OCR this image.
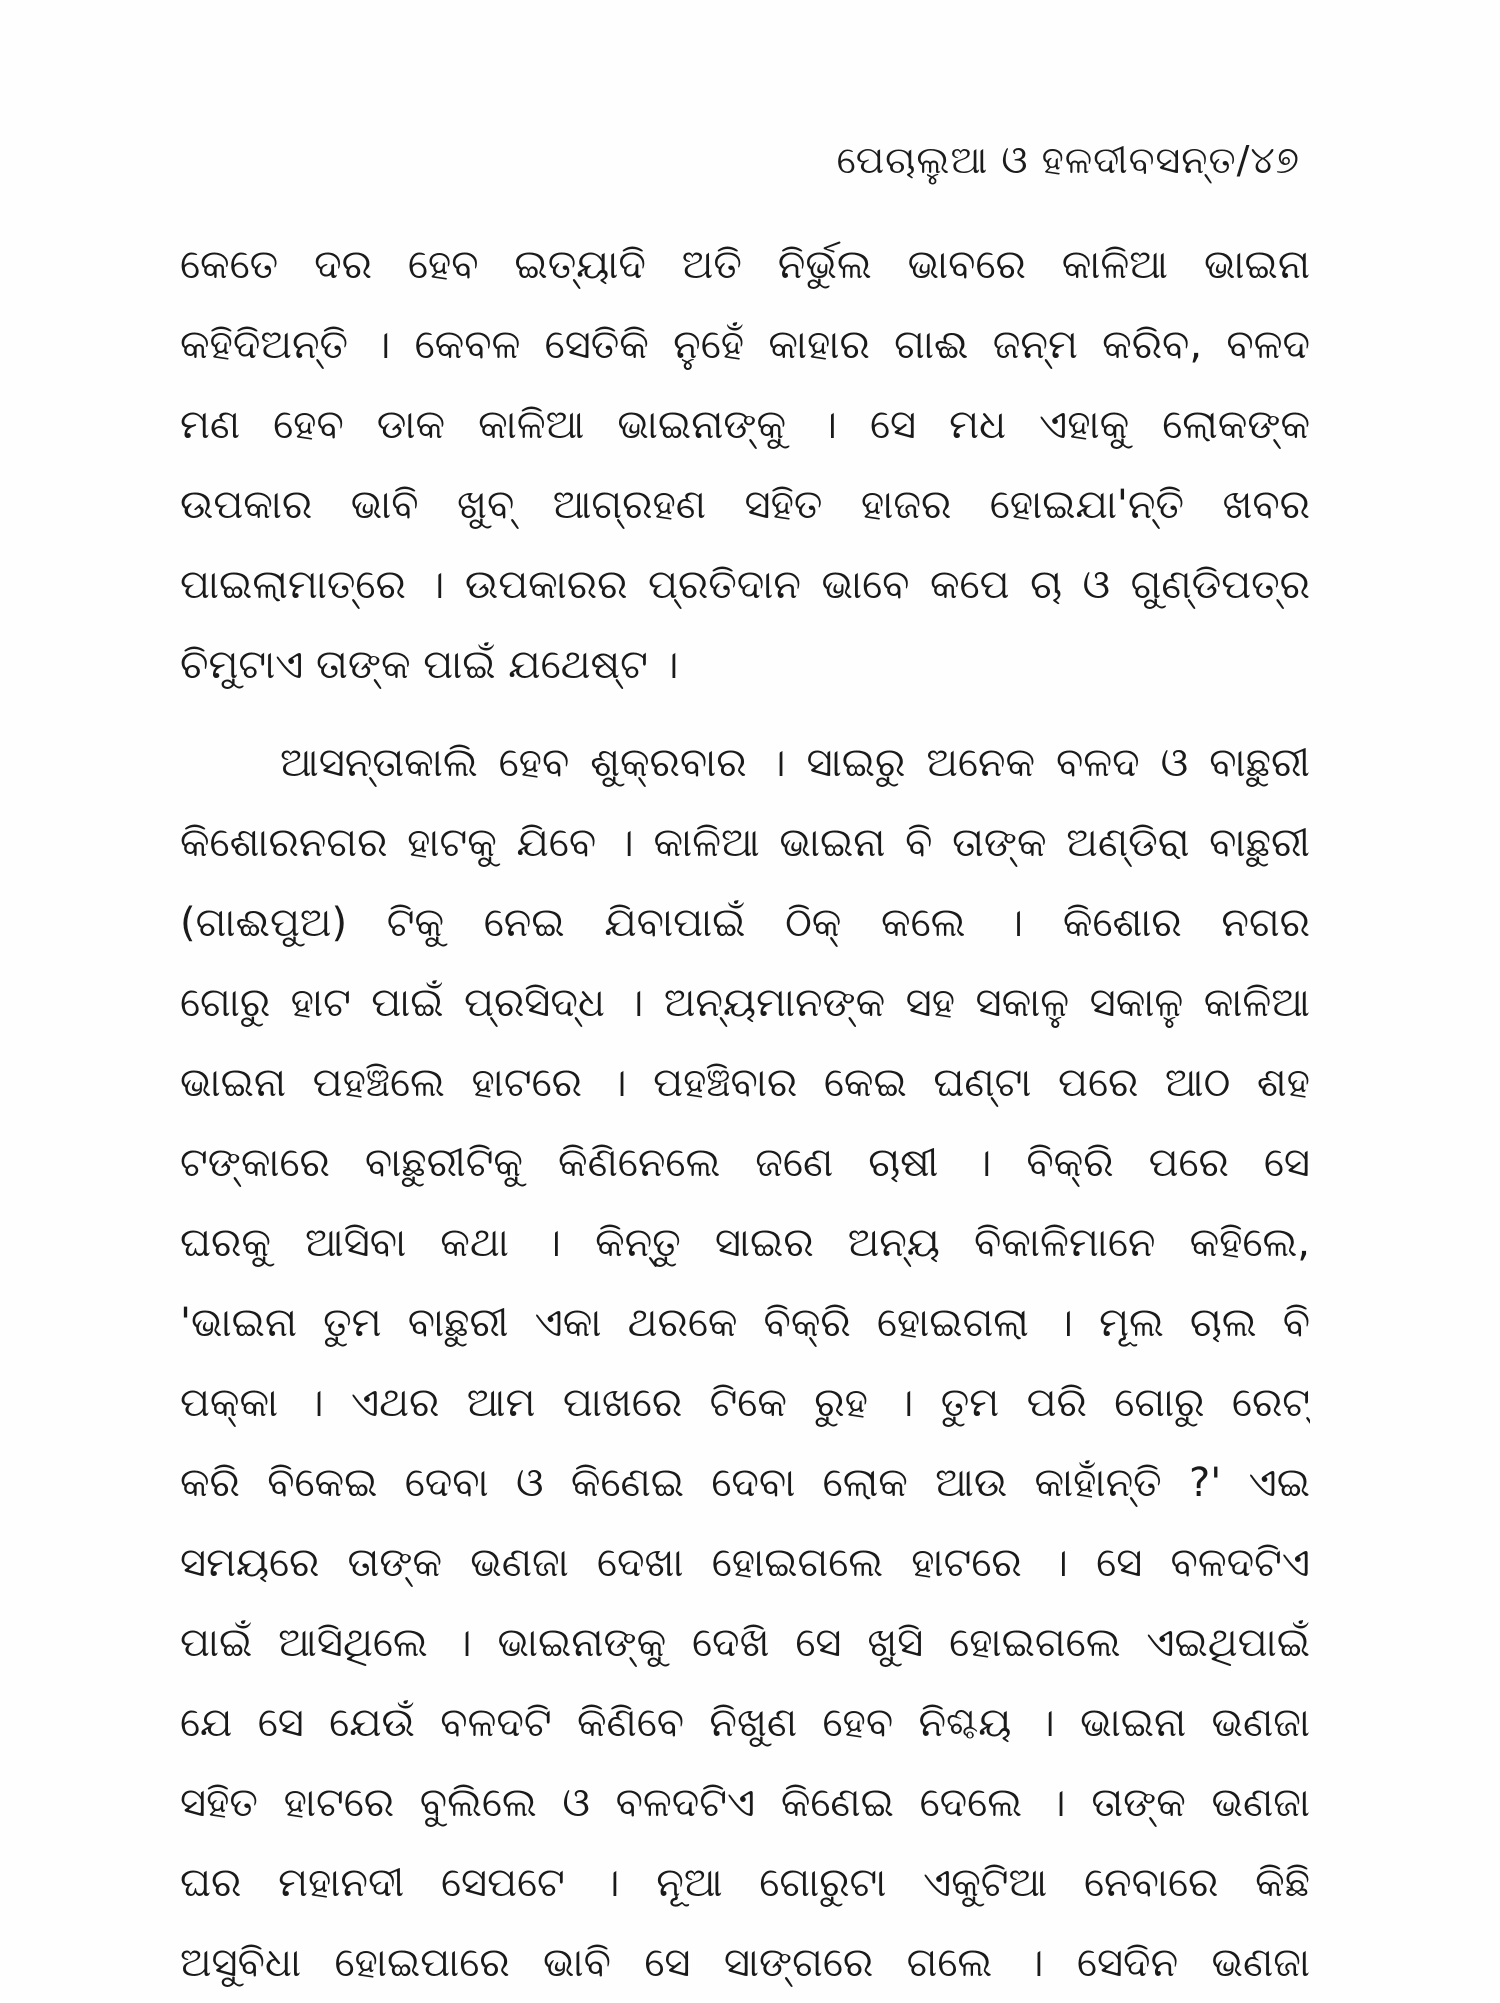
ପେଚାଲୁଆ ଓ ହଳଦୀବସନ୍ତ/୪୭
କେତେ ଦର ହେବ ଇତ୍ୟାଦି ଅତି ନିର୍ଭୁଲ ଭାବରେ କାଳିଆ ଭାଇନା
କହିଦିଅନ୍ତି । କେବଳ ସେତିକି ନୁହେଁ କାହାର ଗାଈ ଜନ୍ମ କରିବ, ବଳଦ
ମଣ ହେବ ଡାକ କାଳିଆ ଭାଇନାଙ୍କୁ । ସେ ମଧ ଏହାକୁ ଲୋକଙ୍କ
ଉପକାର ଭାବି ଖୁବ୍ ଆଗ୍ରହଣ ସହିତ ହାଜର ହୋଇଯା'ନ୍ତି ଖବର
ପାଇଲାମାତ୍ରେ । ଉପକାରର ପ୍ରତିଦାନ ଭାବେ କପେ ଚା ଓ ଗୁଣ୍ଡିପତ୍ର
ଚିମୁଟାଏ ତାଙ୍କ ପାଇଁ ଯଥେଷ୍ଟ ।
ଆସନ୍ତାକାଲି ହେବ ଶୁକ୍ରବାର । ସାଇରୁ ଅନେକ ବଳଦ ଓ ବାଛୁରୀ
କିଶୋରନଗର ହାଟକୁ ଯିବେ । କାଳିଆ ଭାଇନା ବି ତାଙ୍କ ଅଣ୍ଡିରା ବାଛୁରୀ
(ଗାଈପୁଅ) ଟିକୁ ନେଇ ଯିବାପାଇଁ ଠିକ୍ କଲେ । କିଶୋର ନଗର
ଗୋରୁ ହାଟ ପାଇଁ ପ୍ରସିଦ୍ଧ । ଅନ୍ୟମାନଙ୍କ ସହ ସକାଳୁ ସକାଳୁ କାଳିଆ
ଭାଇନା ପହଞ୍ଚିଲେ ହାଟରେ । ପହଞ୍ଚିବାର କେଇ ଘଣ୍ଟା ପରେ ଆଠ ଶହ
ଟଙ୍କାରେ ବାଛୁରୀଟିକୁ କିଣିନେଲେ ଜଣେ ଚାଷୀ । ବିକ୍ରି ପରେ ସେ
ଘରକୁ ଆସିବା କଥା । କିନ୍ତୁ ସାଇର ଅନ୍ୟ ବିକାଳିମାନେ କହିଲେ,
'ଭାଇନା ତୁମ ବାଛୁରୀ ଏକା ଥରକେ ବିକ୍ରି ହୋଇଗଲା । ମୂଲ ଚାଲ ବି
ପକ୍କା । ଏଥର ଆମ ପାଖରେ ଟିକେ ରୁହ । ତୁମ ପରି ଗୋରୁ ରେଟ୍
କରି ବିକେଇ ଦେବା ଓ କିଣେଇ ଦେବା ଲୋକ ଆଉ କାହାଁନ୍ତି ?' ଏଇ
ସମୟରେ ତାଙ୍କ ଭଣଜା ଦେଖା ହୋଇଗଲେ ହାଟରେ । ସେ ବଳଦଟିଏ
ପାଇଁ ଆସିଥିଲେ । ଭାଇନାଙ୍କୁ ଦେଖି ସେ ଖୁସି ହୋଇଗଲେ ଏଇଥିପାଇଁ
ଯେ ସେ ଯେଉଁ ବଳଦଟି କିଣିବେ ନିଖୁଣ ହେବ ନିଶ୍ଚୟ । ଭାଇନା ଭଣଜା
ସହିତ ହାଟରେ ବୁଲିଲେ ଓ ବଳଦଟିଏ କିଣେଇ ଦେଲେ । ତାଙ୍କ ଭଣଜା
ଘର ମହାନଦୀ ସେପଟେ । ନୂଆ ଗୋରୁଟା ଏକୁଟିଆ ନେବାରେ କିଛି
ଅସୁବିଧା ହୋଇପାରେ ଭାବି ସେ ସାଙ୍ଗରେ ଗଲେ । ସେଦିନ ଭଣଜା
